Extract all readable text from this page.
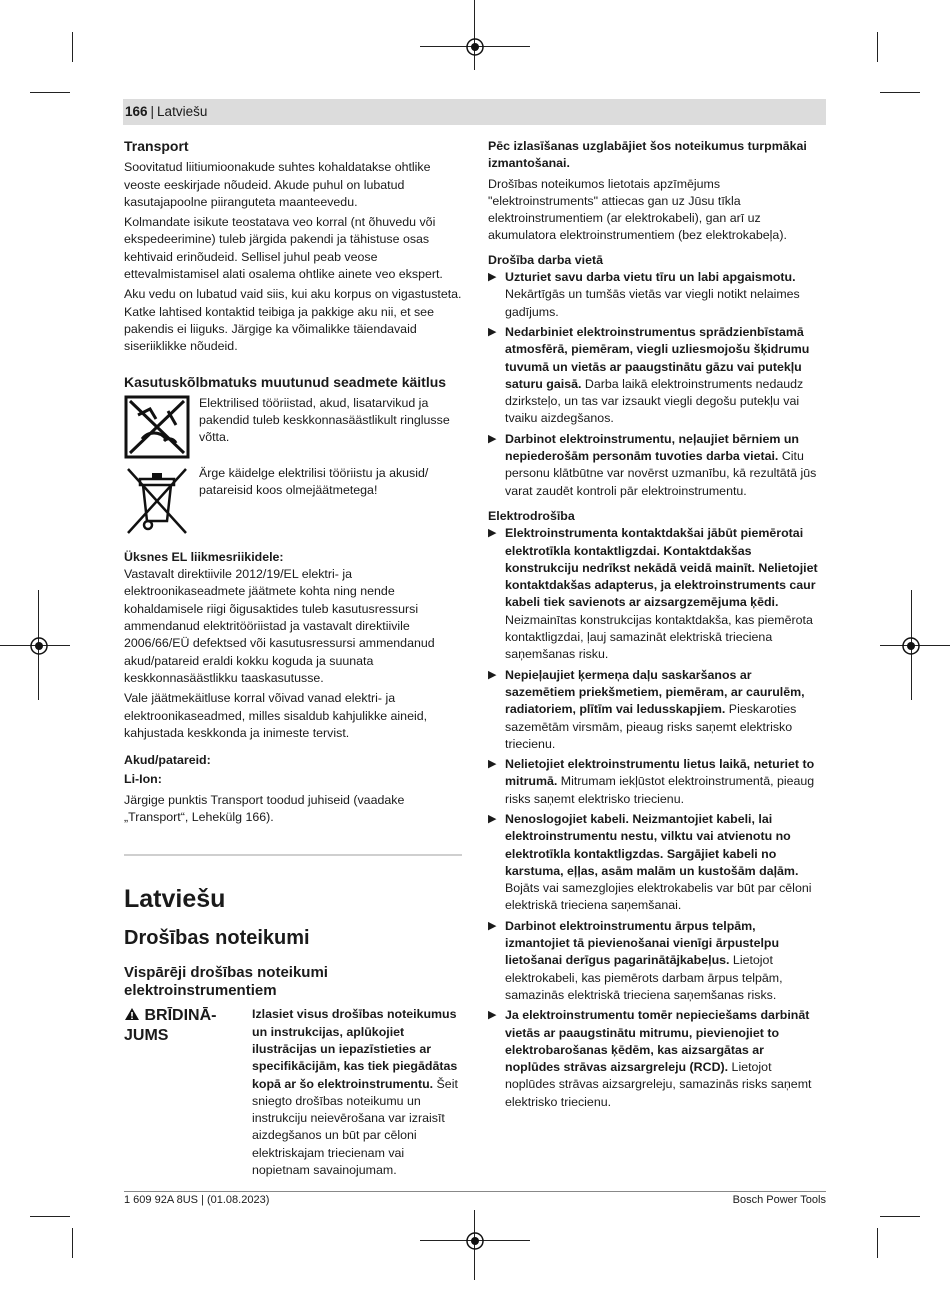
166 | Latviešu
Transport

Soovitatud liitiumioonakude suhtes kohaldatakse ohtlike veoste eeskirjade nõudeid. Akude puhul on lubatud kasutajapoolne piiranguteta maanteevedu.

Kolmandate isikute teostatava veo korral (nt õhuvedu või ekspedeerimine) tuleb järgida pakendi ja tähistuse osas kehtivaid erinõudeid. Sellisel juhul peab veose ettevalmistamisel alati osalema ohtlike ainete veo ekspert.

Aku vedu on lubatud vaid siis, kui aku korpus on vigastusteta. Katke lahtised kontaktid teibiga ja pakkige aku nii, et see pakendis ei liiguks. Järgige ka võimalikke täiendavaid siseriiklikke nõudeid.

Kasutuskõlbmatuks muutunud seadmete käitlus
Elektrilised tööriistad, akud, lisatarvikud ja pakendid tuleb keskkonnasäästlikult ringlusse võtta.
Ärge käidelge elektrilisi tööriistu ja akusid/ patareisid koos olmejäätmetega!
Üksnes EL liikmesriikidele:

Vastavalt direktiivile 2012/19/EL elektri- ja elektroonikaseadmete jäätmete kohta ning nende kohaldamisele riigi õigusaktides tuleb kasutusressursi ammendanud elektritööriistad ja vastavalt direktiivile 2006/66/EÜ defektsed või kasutusressursi ammendanud akud/patareid eraldi kokku koguda ja suunata keskkonnasäästlikku taaskasutusse.

Vale jäätmekäitluse korral võivad vanad elektri- ja elektroonikaseadmed, milles sisaldub kahjulikke aineid, kahjustada keskkonda ja inimeste tervist.

Akud/patareid:
Li-Ion:

Järgige punktis Transport toodud juhiseid (vaadake „Transport“, Lehekülg 166).

Latviešu
Drošības noteikumi
Vispārēji drošības noteikumi elektroinstrumentiem
BRĪDINĀ- JUMS
Izlasiet visus drošības noteikumus un instrukcijas, aplūkojiet ilustrācijas un iepazīstieties ar specifikācijām, kas tiek piegādātas kopā ar šo elektroinstrumentu. Šeit sniegto drošības noteikumu un instrukciju neievērošana var izraisīt aizdegšanos un būt par cēloni elektriskajam triecienam vai nopietnam savainojumam.

Pēc izlasīšanas uzglabājiet šos noteikumus turpmākai izmantošanai.

Drošības noteikumos lietotais apzīmējums "elektroinstruments" attiecas gan uz Jūsu tīkla elektroinstrumentiem (ar elektrokabeli), gan arī uz akumulatora elektroinstrumentiem (bez elektrokabeļa).

Drošība darba vietā
▶ Uzturiet savu darba vietu tīru un labi apgaismotu. Nekārtīgās un tumšās vietās var viegli notikt nelaimes gadījums.
▶ Nedarbiniet elektroinstrumentus sprādzienbīstamā atmosfērā, piemēram, viegli uzliesmojošu šķidrumu tuvumā un vietās ar paaugstinātu gāzu vai putekļu saturu gaisā. Darba laikā elektroinstruments nedaudz dzirksteļo, un tas var izsaukt viegli degošu putekļu vai tvaiku aizdegšanos.
▶ Darbinot elektroinstrumentu, neļaujiet bērniem un nepiederošām personām tuvoties darba vietai. Citu personu klātbūtne var novērst uzmanību, kā rezultātā jūs varat zaudēt kontroli pār elektroinstrumentu.
Elektrodrošība
▶ Elektroinstrumenta kontaktdakšai jābūt piemērotai elektrotīkla kontaktligzdai. Kontaktdakšas konstrukciju nedrīkst nekādā veidā mainīt. Nelietojiet kontaktdakšas adapterus, ja elektroinstruments caur kabeli tiek savienots ar aizsargzemējuma ķēdi. Neizmainītas konstrukcijas kontaktdakša, kas piemērota kontaktligzdai, ļauj samazināt elektriskā trieciena saņemšanas risku.
▶ Nepieļaujiet ķermeņa daļu saskaršanos ar sazemētiem priekšmetiem, piemēram, ar caurulēm, radiatoriem, plītīm vai ledusskapjiem. Pieskaroties sazemētām virsmām, pieaug risks saņemt elektrisko triecienu.
▶ Nelietojiet elektroinstrumentu lietus laikā, neturiet to mitrumā. Mitrumam iekļūstot elektroinstrumentā, pieaug risks saņemt elektrisko triecienu.
▶ Nenoslogojiet kabeli. Neizmantojiet kabeli, lai elektroinstrumentu nestu, vilktu vai atvienotu no elektrotīkla kontaktligzdas. Sargājiet kabeli no karstuma, eļļas, asām malām un kustošām daļām. Bojāts vai samezglojies elektrokabelis var būt par cēloni elektriskā trieciena saņemšanai.
▶ Darbinot elektroinstrumentu ārpus telpām, izmantojiet tā pievienošanai vienīgi ārpustelpu lietošanai derīgus pagarinātājkabeļus. Lietojot elektrokabeli, kas piemērots darbam ārpus telpām, samazinās elektriskā trieciena saņemšanas risks.
▶ Ja elektroinstrumentu tomēr nepieciešams darbināt vietās ar paaugstinātu mitrumu, pievienojiet to elektrobarošanas ķēdēm, kas aizsargātas ar noplūdes strāvas aizsargreleju (RCD). Lietojot noplūdes strāvas aizsargreleju, samazinās risks saņemt elektrisko triecienu.
1 609 92A 8US | (01.08.2023)	Bosch Power Tools
